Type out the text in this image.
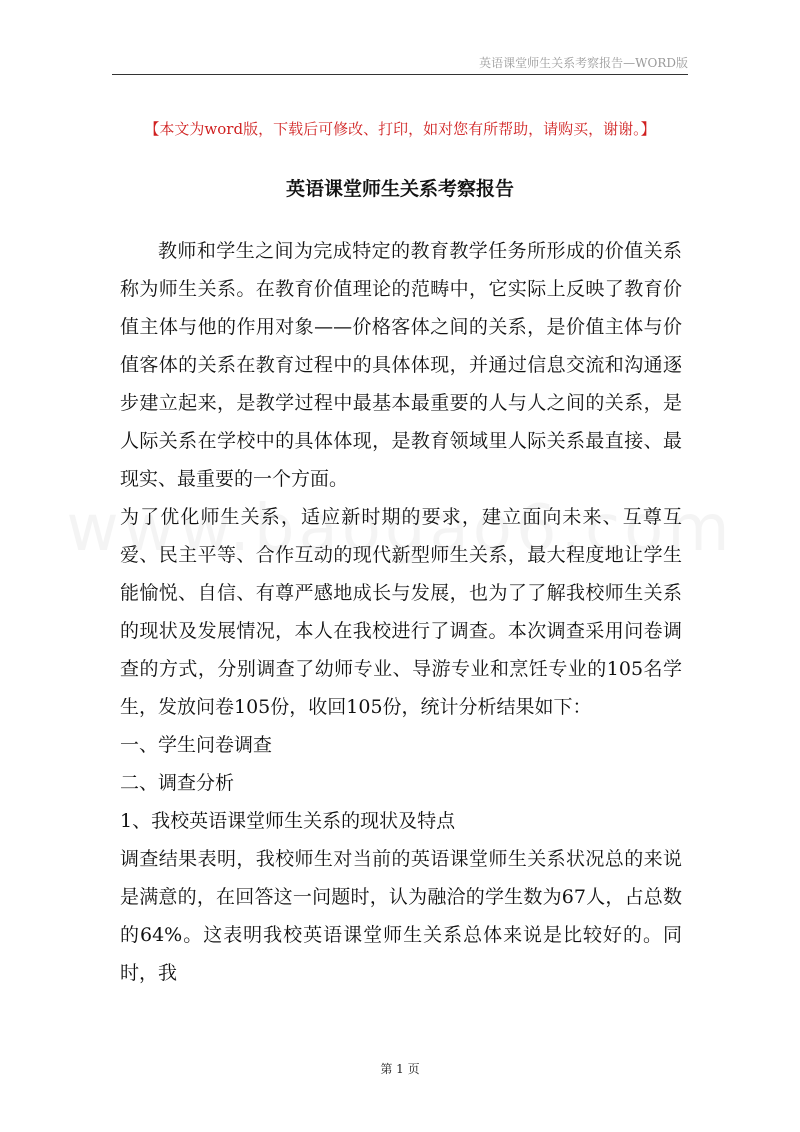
英语课堂师生关系考察报告—WORD版
【本文为word版，下载后可修改、打印，如对您有所帮助，请购买，谢谢。】
英语课堂师生关系考察报告

教师和学生之间为完成特定的教育教学任务所形成的价值关系称为师生关系。在教育价值理论的范畴中，它实际上反映了教育价值主体与他的作用对象——价格客体之间的关系，是价值主体与价值客体的关系在教育过程中的具体体现，并通过信息交流和沟通逐步建立起来，是教学过程中最基本最重要的人与人之间的关系，是人际关系在学校中的具体体现，是教育领域里人际关系最直接、最现实、最重要的一个方面。

为了优化师生关系，适应新时期的要求，建立面向未来、互尊互爱、民主平等、合作互动的现代新型师生关系，最大程度地让学生能愉悦、自信、有尊严感地成长与发展，也为了了解我校师生关系的现状及发展情况，本人在我校进行了调查。本次调查采用问卷调查的方式，分别调查了幼师专业、导游专业和烹饪专业的105名学生，发放问卷105份，收回105份，统计分析结果如下：

一、学生问卷调查

二、调查分析

1、我校英语课堂师生关系的现状及特点

调查结果表明，我校师生对当前的英语课堂师生关系状况总的来说是满意的，在回答这一问题时，认为融洽的学生数为67人，占总数的64%。这表明我校英语课堂师生关系总体来说是比较好的。同时，我

第 1 页
